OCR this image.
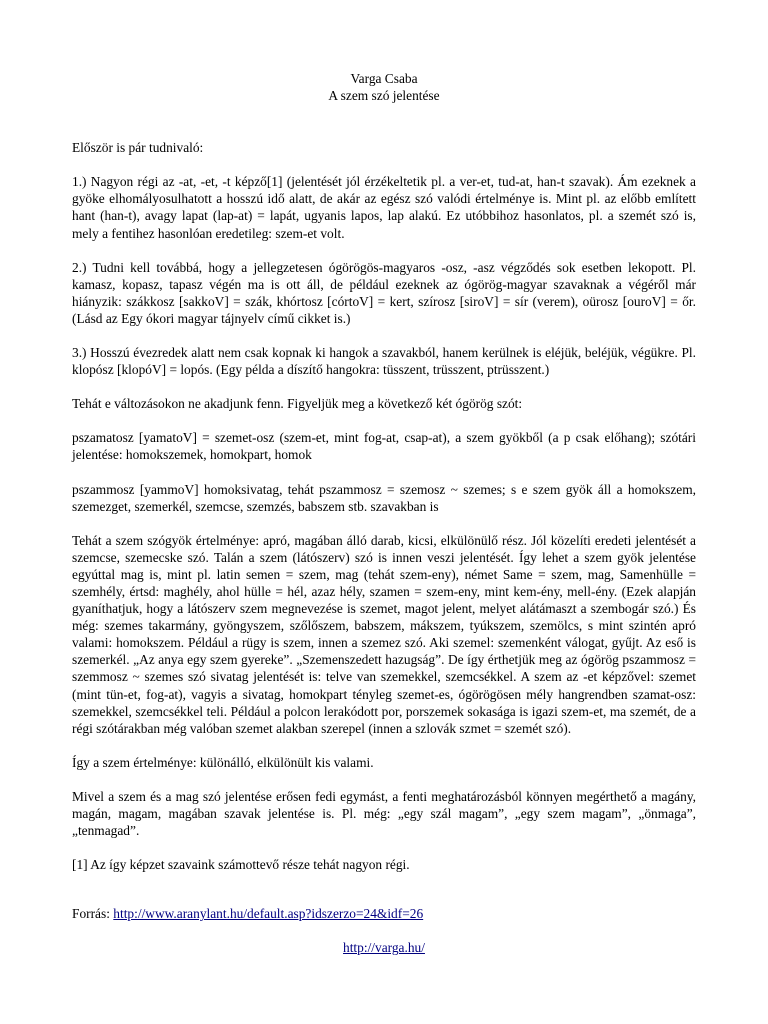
Varga Csaba
A szem szó jelentése

Először is pár tudnivaló:

1.) Nagyon régi az -at, -et, -t képző[1] (jelentését jól érzékeltetik pl. a ver-et, tud-at, han-t szavak). Ám ezeknek a gyöke elhomályosulhatott a hosszú idő alatt, de akár az egész szó valódi értelménye is. Mint pl. az előbb említett hant (han-t), avagy lapat (lap-at) = lapát, ugyanis lapos, lap alakú. Ez utóbbihoz hasonlatos, pl. a szemét szó is, mely a fentihez hasonlóan eredetileg: szem-et volt.

2.) Tudni kell továbbá, hogy a jellegzetesen ógörögös-magyaros -osz, -asz végződés sok esetben lekopott. Pl. kamasz, kopasz, tapasz végén ma is ott áll, de például ezeknek az ógörög-magyar szavaknak a végéről már hiányzik: szákkosz [sakkoV] = szák, khórtosz [córtoV] = kert, szírosz [siroV] = sír (verem), oürosz [ouroV] = őr. (Lásd az Egy ókori magyar tájnyelv című cikket is.)

3.) Hosszú évezredek alatt nem csak kopnak ki hangok a szavakból, hanem kerülnek is eléjük, beléjük, végükre. Pl. klopósz [klopóV] = lopós. (Egy példa a díszítő hangokra: tüsszent, trüsszent, ptrüsszent.)

Tehát e változásokon ne akadjunk fenn. Figyeljük meg a következő két ógörög szót:

pszamatosz [yamatoV] = szemet-osz (szem-et, mint fog-at, csap-at), a szem gyökből (a p csak előhang); szótári jelentése: homokszemek, homokpart, homok

pszammosz [yammoV] homoksivatag, tehát pszammosz = szemosz ~ szemes; s e szem gyök áll a homokszem, szemezget, szemerkél, szemcse, szemzés, babszem stb. szavakban is

Tehát a szem szógyök értelménye: apró, magában álló darab, kicsi, elkülönülő rész. Jól közelíti eredeti jelentését a szemcse, szemecske szó. Talán a szem (látószerv) szó is innen veszi jelentését. Így lehet a szem gyök jelentése egyúttal mag is, mint pl. latin semen = szem, mag (tehát szem-eny), német Same = szem, mag, Samenhülle = szemhély, értsd: maghély, ahol hülle = hél, azaz hély, szamen = szem-eny, mint kem-ény, mell-ény. (Ezek alapján gyaníthatjuk, hogy a látószerv szem megnevezése is szemet, magot jelent, melyet alátámaszt a szembogár szó.) És még: szemes takarmány, gyöngyszem, szőlőszem, babszem, mákszem, tyúkszem, szemölcs, s mint szintén apró valami: homokszem. Például a rügy is szem, innen a szemez szó. Aki szemel: szemenként válogat, gyűjt. Az eső is szemerkél. „Az anya egy szem gyereke”. „Szemenszedett hazugság”. De így érthetjük meg az ógörög pszammosz = szemmosz ~ szemes szó sivatag jelentését is: telve van szemekkel, szemcsékkel. A szem az -et képzővel: szemet (mint tün-et, fog-at), vagyis a sivatag, homokpart tényleg szemet-es, ógörögösen mély hangrendben szamat-osz: szemekkel, szemcsékkel teli. Például a polcon lerakódott por, porszemek sokasága is igazi szem-et, ma szemét, de a régi szótárakban még valóban szemet alakban szerepel (innen a szlovák szmet = szemét szó).

Így a szem értelménye: különálló, elkülönült kis valami.

Mivel a szem és a mag szó jelentése erősen fedi egymást, a fenti meghatározásból könnyen megérthető a magány, magán, magam, magában szavak jelentése is. Pl. még: „egy szál magam”, „egy szem magam”, „önmaga”, „tenmagad”.

[1] Az így képzet szavaink számottevő része tehát nagyon régi.

Forrás: http://www.aranylant.hu/default.asp?idszerzo=24&idf=26

http://varga.hu/
